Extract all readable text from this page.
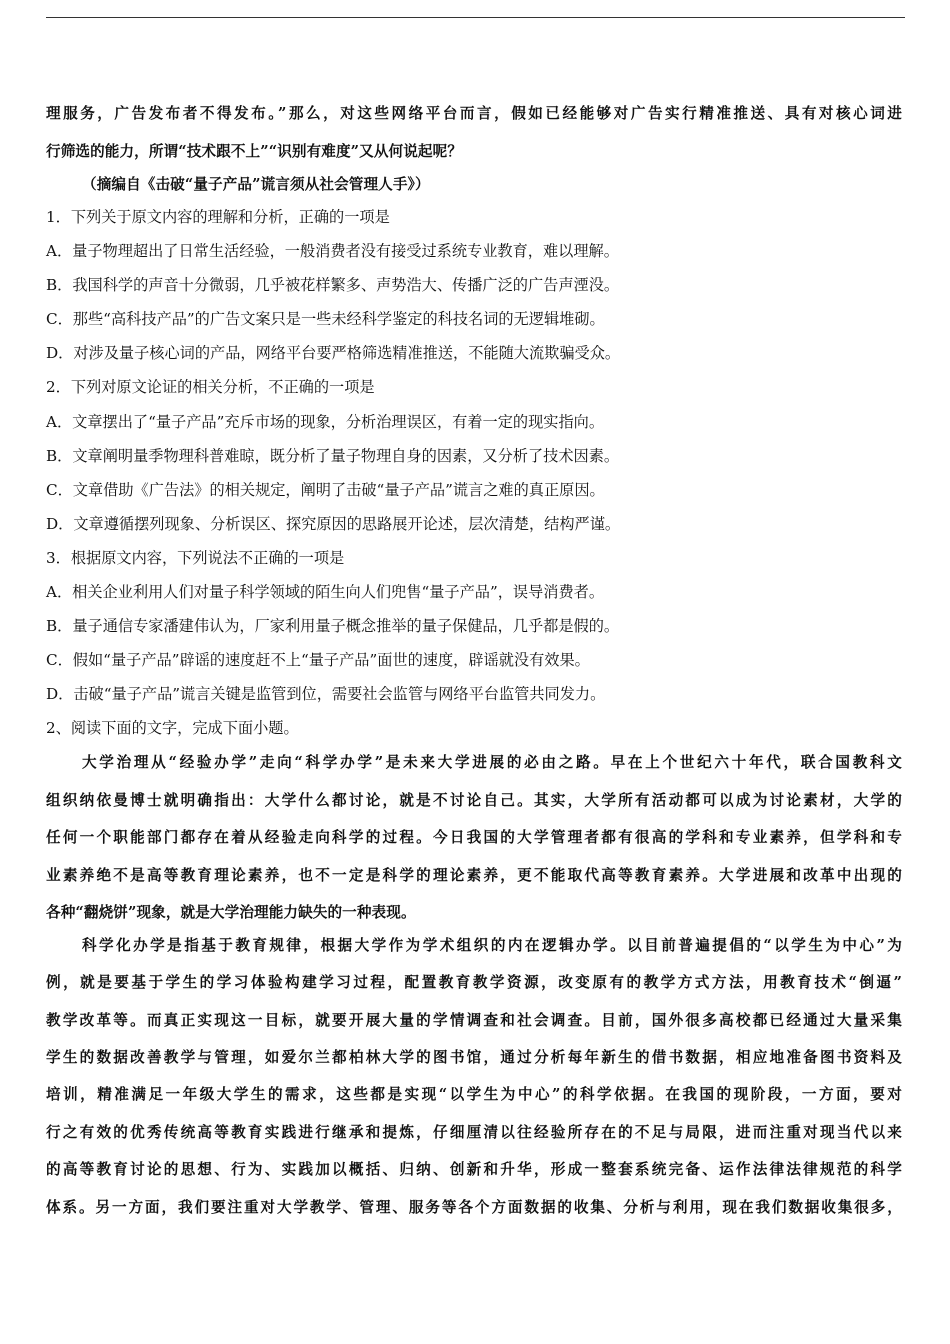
理服务，广告发布者不得发布。”那么，对这些网络平台而言，假如已经能够对广告实行精准推送、具有对核心词进
行筛选的能力，所谓“技术跟不上”“识别有难度”又从何说起呢？
（摘编自《击破“量子产品”谎言须从社会管理人手》）
1．下列关于原文内容的理解和分析，正确的一项是
A．量子物理超出了日常生活经验，一般消费者没有接受过系统专业教育，难以理解。
B．我国科学的声音十分微弱，几乎被花样繁多、声势浩大、传播广泛的广告声湮没。
C．那些“高科技产品”的广告文案只是一些未经科学鉴定的科技名词的无逻辑堆砌。
D．对涉及量子核心词的产品，网络平台要严格筛选精准推送，不能随大流欺骗受众。
2．下列对原文论证的相关分析，不正确的一项是
A．文章摆出了“量子产品”充斥市场的现象，分析治理误区，有着一定的现实指向。
B．文章阐明量季物理科普难晾，既分析了量子物理自身的因素，又分析了技术因素。
C．文章借助《广告法》的相关规定，阐明了击破“量子产品”谎言之难的真正原因。
D．文章遵循摆列现象、分析误区、探究原因的思路展开论述，层次清楚，结构严谨。
3．根据原文内容，下列说法不正确的一项是
A．相关企业利用人们对量子科学领域的陌生向人们兜售“量子产品”，误导消费者。
B．量子通信专家潘建伟认为，厂家利用量子概念推举的量子保健品，几乎都是假的。
C．假如“量子产品”辟谣的速度赶不上“量子产品”面世的速度，辟谣就没有效果。
D．击破“量子产品”谎言关键是监管到位，需要社会监管与网络平台监管共同发力。
2、阅读下面的文字，完成下面小题。
大学治理从“经验办学”走向“科学办学”是未来大学进展的必由之路。早在上个世纪六十年代，联合国教科文
组织纳依曼博士就明确指出：大学什么都讨论，就是不讨论自己。其实，大学所有活动都可以成为讨论素材，大学的
任何一个职能部门都存在着从经验走向科学的过程。今日我国的大学管理者都有很高的学科和专业素养，但学科和专
业素养绝不是高等教育理论素养，也不一定是科学的理论素养，更不能取代高等教育素养。大学进展和改革中出现的
各种“翻烧饼”现象，就是大学治理能力缺失的一种表现。
科学化办学是指基于教育规律，根据大学作为学术组织的内在逻辑办学。以目前普遍提倡的“以学生为中心”为
例，就是要基于学生的学习体验构建学习过程，配置教育教学资源，改变原有的教学方式方法，用教育技术“倒逼”
教学改革等。而真正实现这一目标，就要开展大量的学情调查和社会调查。目前，国外很多高校都已经通过大量采集
学生的数据改善教学与管理，如爱尔兰都柏林大学的图书馆，通过分析每年新生的借书数据，相应地准备图书资料及
培训，精准满足一年级大学生的需求，这些都是实现“以学生为中心”的科学依据。在我国的现阶段，一方面，要对
行之有效的优秀传统高等教育实践进行继承和提炼，仔细厘清以往经验所存在的不足与局限，进而注重对现当代以来
的高等教育讨论的思想、行为、实践加以概括、归纳、创新和升华，形成一整套系统完备、运作法律法律规范的科学
体系。另一方面，我们要注重对大学教学、管理、服务等各个方面数据的收集、分析与利用，现在我们数据收集很多，
